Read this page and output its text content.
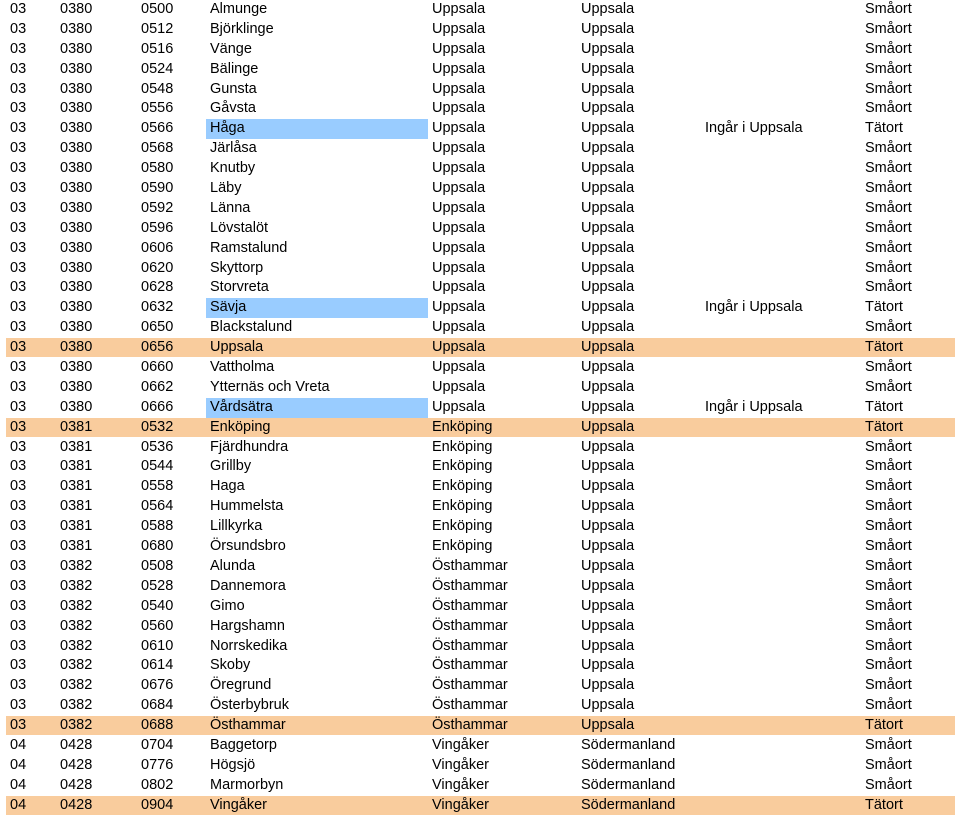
03 0380	0500	Almunge	Uppsala	Uppsala	Småort
03 0380	0512	Björklinge	Uppsala	Uppsala	Småort
03 0380	0516	Vänge	Uppsala	Uppsala	Småort
03 0380	0524	Bälinge	Uppsala	Uppsala	Småort
03 0380	0548	Gunsta	Uppsala	Uppsala	Småort
03 0380	0556	Gåvsta	Uppsala	Uppsala	Småort
03 0380	0566	Håga	Uppsala	Uppsala	Ingår i Uppsala	Tätort
03 0380	0568	Järlåsa	Uppsala	Uppsala	Småort
03 0380	0580	Knutby	Uppsala	Uppsala	Småort
03 0380	0590	Läby	Uppsala	Uppsala	Småort
03 0380	0592	Länna	Uppsala	Uppsala	Småort
03 0380	0596	Lövstalöt	Uppsala	Uppsala	Småort
03 0380	0606	Ramstalund	Uppsala	Uppsala	Småort
03 0380	0620	Skyttorp	Uppsala	Uppsala	Småort
03 0380	0628	Storvreta	Uppsala	Uppsala	Småort
03 0380	0632	Sävja	Uppsala	Uppsala	Ingår i Uppsala	Tätort
03 0380	0650	Blackstalund	Uppsala	Uppsala	Småort
03 0380	0656	Uppsala	Uppsala	Uppsala	Tätort
03 0380	0660	Vattholma	Uppsala	Uppsala	Småort
03 0380	0662	Ytternäs och Vreta	Uppsala	Uppsala	Småort
03 0380	0666	Vårdsätra	Uppsala	Uppsala	Ingår i Uppsala	Tätort
03 0381	0532	Enköping	Enköping	Uppsala	Tätort
03 0381	0536	Fjärdhundra	Enköping	Uppsala	Småort
03 0381	0544	Grillby	Enköping	Uppsala	Småort
03 0381	0558	Haga	Enköping	Uppsala	Småort
03 0381	0564	Hummelsta	Enköping	Uppsala	Småort
03 0381	0588	Lillkyrka	Enköping	Uppsala	Småort
03 0381	0680	Örsundsbro	Enköping	Uppsala	Småort
03 0382	0508	Alunda	Östhammar	Uppsala	Småort
03 0382	0528	Dannemora	Östhammar	Uppsala	Småort
03 0382	0540	Gimo	Östhammar	Uppsala	Småort
03 0382	0560	Hargshamn	Östhammar	Uppsala	Småort
03 0382	0610	Norrskedika	Östhammar	Uppsala	Småort
03 0382	0614	Skoby	Östhammar	Uppsala	Småort
03 0382	0676	Öregrund	Östhammar	Uppsala	Småort
03 0382	0684	Österbybruk	Östhammar	Uppsala	Småort
03 0382	0688	Östhammar	Östhammar	Uppsala	Tätort
04 0428	0704	Baggetorp	Vingåker	Södermanland	Småort
04 0428	0776	Högsjö	Vingåker	Södermanland	Småort
04 0428	0802	Marmorbyn	Vingåker	Södermanland	Småort
04 0428	0904	Vingåker	Vingåker	Södermanland	Tätort
